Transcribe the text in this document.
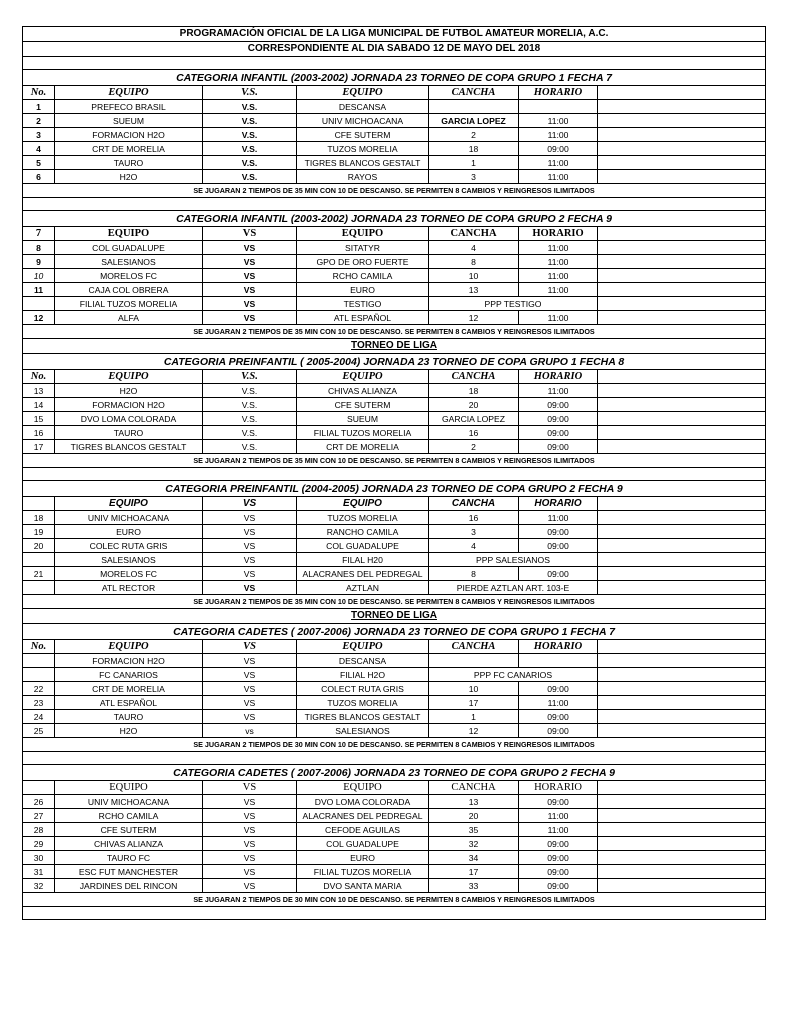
PROGRAMACIÓN OFICIAL DE LA LIGA MUNICIPAL DE FUTBOL AMATEUR MORELIA, A.C.						
CORRESPONDIENTE AL DIA SABADO 12 DE MAYO DEL 2018						

CATEGORIA INFANTIL (2003-2002) JORNADA 23 TORNEO DE COPA GRUPO 1 FECHA 7						
No.	EQUIPO	V.S.	EQUIPO	CANCHA	HORARIO	
1	PREFECO BRASIL	V.S.	DESCANSA			
2	SUEUM	V.S.	UNIV MICHOACANA	GARCIA LOPEZ	11:00	
3	FORMACION H2O	V.S.	CFE SUTERM	2	11:00	
4	CRT DE MORELIA	V.S.	TUZOS MORELIA	18	09:00	
5	TAURO	V.S.	TIGRES BLANCOS GESTALT	1	11:00	
6	H2O	V.S.	RAYOS	3	11:00	
SE JUGARAN 2 TIEMPOS DE 35 MIN CON 10 DE DESCANSO. SE PERMITEN 8 CAMBIOS Y REINGRESOS ILIMITADOS						

CATEGORIA INFANTIL (2003-2002) JORNADA 23 TORNEO DE COPA GRUPO 2 FECHA 9						
7	EQUIPO	VS	EQUIPO	CANCHA	HORARIO	
8	COL GUADALUPE	VS	SITATYR	4	11:00	
9	SALESIANOS	VS	GPO DE ORO FUERTE	8	11:00	
10	MORELOS FC	VS	RCHO CAMILA	10	11:00	
11	CAJA COL OBRERA	VS	EURO	13	11:00	
	FILIAL TUZOS MORELIA	VS	TESTIGO	PPP TESTIGO		
12	ALFA	VS	ATL ESPAÑOL	12	11:00	
SE JUGARAN 2 TIEMPOS DE 35 MIN CON 10 DE DESCANSO. SE PERMITEN 8 CAMBIOS Y REINGRESOS ILIMITADOS						
TORNEO DE LIGA						
CATEGORIA PREINFANTIL ( 2005-2004) JORNADA 23 TORNEO DE COPA GRUPO 1 FECHA 8						
No.	EQUIPO	V.S.	EQUIPO	CANCHA	HORARIO	
13	H2O	V.S.	CHIVAS ALIANZA	18	11:00	
14	FORMACION H2O	V.S.	CFE SUTERM	20	09:00	
15	DVO LOMA COLORADA	V.S.	SUEUM	GARCIA LOPEZ	09:00	
16	TAURO	V.S.	FILIAL TUZOS MORELIA	16	09:00	
17	TIGRES BLANCOS GESTALT	V.S.	CRT DE MORELIA	2	09:00	
SE JUGARAN 2 TIEMPOS DE 35 MIN CON 10 DE DESCANSO. SE PERMITEN 8 CAMBIOS Y REINGRESOS ILIMITADOS						

CATEGORIA PREINFANTIL (2004-2005) JORNADA 23 TORNEO DE COPA GRUPO 2 FECHA 9						
	EQUIPO	VS	EQUIPO	CANCHA	HORARIO	
18	UNIV MICHOACANA	VS	TUZOS MORELIA	16	11:00	
19	EURO	VS	RANCHO CAMILA	3	09:00	
20	COLEC RUTA GRIS	VS	COL GUADALUPE	4	09:00	
	SALESIANOS	VS	FILAL H20	PPP SALESIANOS		
21	MORELOS FC	VS	ALACRANES DEL PEDREGAL	8	09:00	
	ATL RECTOR	VS	AZTLAN	PIERDE AZTLAN ART. 103-E		
SE JUGARAN 2 TIEMPOS DE 35 MIN CON 10 DE DESCANSO. SE PERMITEN 8 CAMBIOS Y REINGRESOS ILIMITADOS						
TORNEO DE LIGA						
CATEGORIA CADETES ( 2007-2006) JORNADA 23 TORNEO DE COPA GRUPO 1 FECHA 7						
No.	EQUIPO	VS	EQUIPO	CANCHA	HORARIO	
	FORMACION H2O	VS	DESCANSA			
	FC CANARIOS	VS	FILIAL H2O	PPP FC CANARIOS		
22	CRT DE MORELIA	VS	COLECT RUTA GRIS	10	09:00	
23	ATL ESPAÑOL	VS	TUZOS MORELIA	17	11:00	
24	TAURO	VS	TIGRES BLANCOS GESTALT	1	09:00	
25	H2O	vs	SALESIANOS	12	09:00	
SE JUGARAN 2 TIEMPOS DE 30 MIN CON 10 DE DESCANSO. SE PERMITEN 8 CAMBIOS Y REINGRESOS ILIMITADOS						

CATEGORIA CADETES ( 2007-2006) JORNADA 23 TORNEO DE COPA GRUPO 2 FECHA 9						
	EQUIPO	VS	EQUIPO	CANCHA	HORARIO	
26	UNIV MICHOACANA	VS	DVO LOMA COLORADA	13	09:00	
27	RCHO CAMILA	VS	ALACRANES DEL PEDREGAL	20	11:00	
28	CFE SUTERM	VS	CEFODE AGUILAS	35	11:00	
29	CHIVAS ALIANZA	VS	COL GUADALUPE	32	09:00	
30	TAURO FC	VS	EURO	34	09:00	
31	ESC FUT MANCHESTER	VS	FILIAL TUZOS MORELIA	17	09:00	
32	JARDINES DEL RINCON	VS	DVO SANTA MARIA	33	09:00	
SE JUGARAN 2 TIEMPOS DE 30 MIN CON 10 DE DESCANSO. SE PERMITEN 8 CAMBIOS Y REINGRESOS ILIMITADOS						
